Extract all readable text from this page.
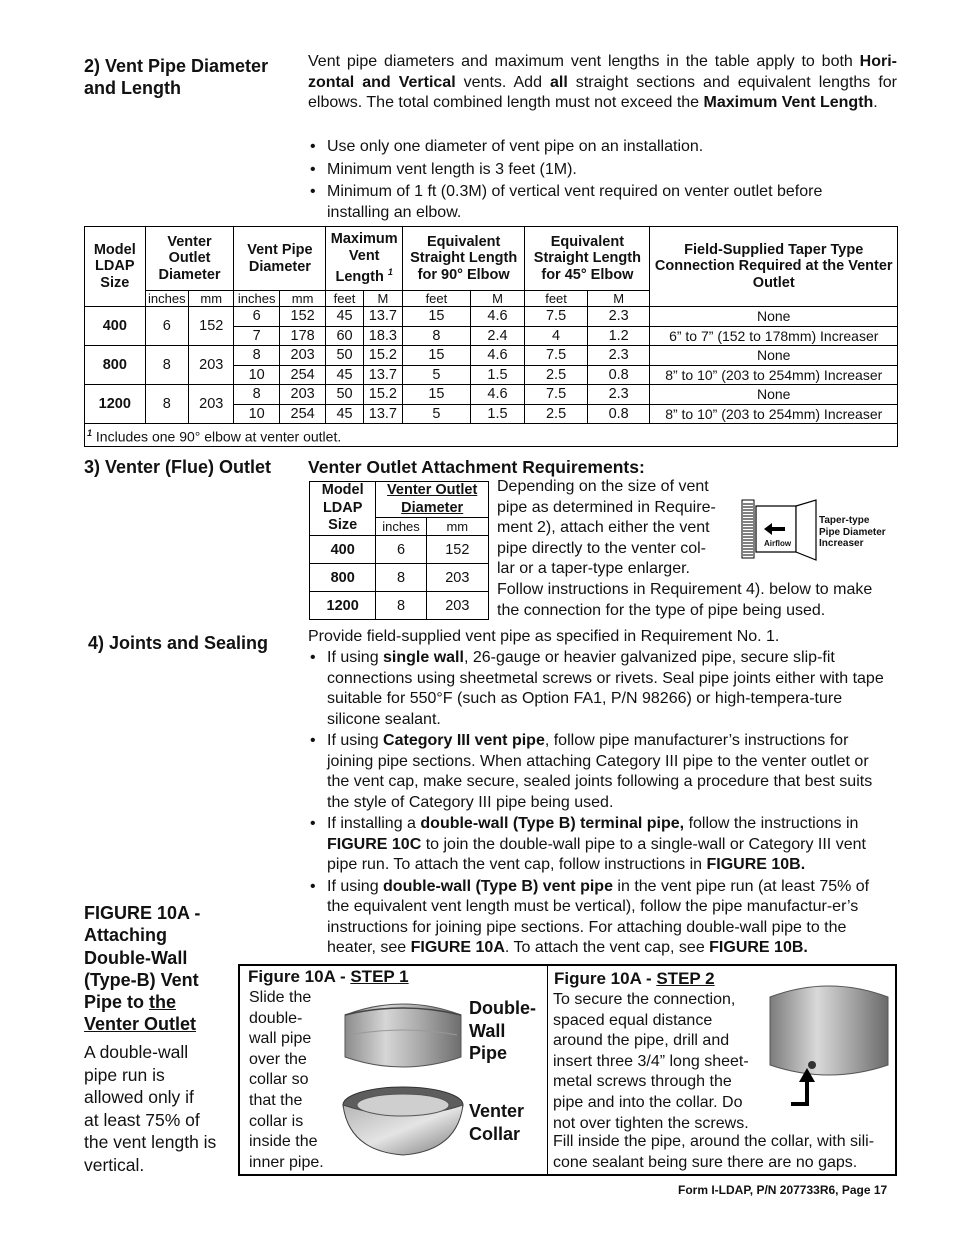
2) Vent Pipe Diameter
and Length
Vent pipe diameters and maximum vent lengths in the table apply to both Hori-zontal and Vertical vents. Add all straight sections and equivalent lengths for elbows. The total combined length must not exceed the Maximum Vent Length.
• Use only one diameter of vent pipe on an installation.
• Minimum vent length is 3 feet (1M).
• Minimum of 1 ft (0.3M) of vertical vent required on venter outlet before installing an elbow.
Model LDAP Size	Venter Outlet Diameter		Vent Pipe Diameter		Maximum Vent Length $^1$		Equivalent Straight Length for 90° Elbow		Equivalent Straight Length for 45° Elbow		Field-Supplied Taper Type Connection Required at the Venter Outlet
	inches	mm	inches	mm	feet	M	feet	M	feet	M	
400	6	152	6	152	45	13.7	15	4.6	7.5	2.3	None
			7	178	60	18.3	8	2.4	4	1.2	6” to 7” (152 to 178mm) Increaser
800	8	203	8	203	50	15.2	15	4.6	7.5	2.3	None
			10	254	45	13.7	5	1.5	2.5	0.8	8” to 10” (203 to 254mm) Increaser
1200	8	203	8	203	50	15.2	15	4.6	7.5	2.3	None
			10	254	45	13.7	5	1.5	2.5	0.8	8” to 10” (203 to 254mm) Increaser
$^1$ Includes one 90° elbow at venter outlet.											
3) Venter (Flue) Outlet Venter Outlet Attachment Requirements:
Model LDAP Size	Venter Outlet Diameter	
	inches	mm
400	6	152
800	8	203
1200	8	203
Depending on the size of vent
pipe as determined in Require-
ment 2), attach either the vent
pipe directly to the venter col-
lar or a taper-type enlarger.
Follow instructions in Requirement 4). below to make
the connection for the type of pipe being used.
Airflow
Taper-type
Pipe Diameter
Increaser
4) Joints and Sealing Provide field-supplied vent pipe as specified in Requirement No. 1.
• If using single wall, 26-gauge or heavier galvanized pipe, secure slip-fit connections using sheetmetal screws or rivets. Seal pipe joints either with tape suitable for 550°F (such as Option FA1, P/N 98266) or high-tempera-ture silicone sealant.
• If using Category III vent pipe, follow pipe manufacturer’s instructions for joining pipe sections. When attaching Category III pipe to the venter outlet or the vent cap, make secure, sealed joints following a procedure that best suits the style of Category III pipe being used.
• If installing a double-wall (Type B) terminal pipe, follow the instructions in FIGURE 10C to join the double-wall pipe to a single-wall or Category III vent pipe run. To attach the vent cap, follow instructions in FIGURE 10B.
• If using double-wall (Type B) vent pipe in the vent pipe run (at least 75% of the equivalent vent length must be vertical), follow the pipe manufactur-er’s instructions for joining pipe sections. For attaching double-wall pipe to the heater, see FIGURE 10A. To attach the vent cap, see FIGURE 10B.
FIGURE 10A -
Attaching
Double-Wall
(Type-B) Vent
Pipe to the
Venter Outlet
A double-wall
pipe run is
allowed only if
at least 75% of
the vent length is
vertical.
Figure 10A - STEP 1
Slide the
double-
wall pipe
over the
collar so
that the
collar is
inside the
inner pipe.
Double-
Wall
Pipe
Venter
Collar
Figure 10A - STEP 2
To secure the connection,
spaced equal distance
around the pipe, drill and
insert three 3/4” long sheet-
metal screws through the
pipe and into the collar. Do
not over tighten the screws.
Fill inside the pipe, around the collar, with sili-
cone sealant being sure there are no gaps.
Form I-LDAP, P/N 207733R6, Page 17
